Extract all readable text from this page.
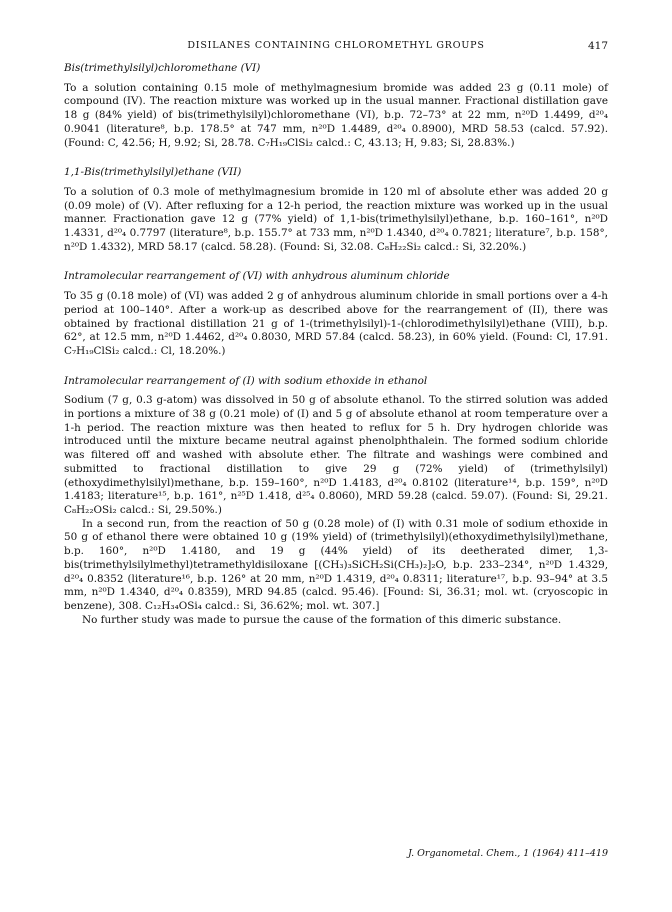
DISILANES CONTAINING CHLOROMETHYL GROUPS	417
Bis(trimethylsilyl)chloromethane (VI)

To a solution containing 0.15 mole of methylmagnesium bromide was added 23 g (0.11 mole) of compound (IV). The reaction mixture was worked up in the usual manner. Fractional distillation gave 18 g (84% yield) of bis(trimethylsilyl)chloromethane (VI), b.p. 72–73° at 22 mm, n²⁰D 1.4499, d²⁰₄ 0.9041 (literature⁸, b.p. 178.5° at 747 mm, n²⁰D 1.4489, d²⁰₄ 0.8900), MRD 58.53 (calcd. 57.92). (Found: C, 42.56; H, 9.92; Si, 28.78. C₇H₁₉ClSi₂ calcd.: C, 43.13; H, 9.83; Si, 28.83%.)

1,1-Bis(trimethylsilyl)ethane (VII)

To a solution of 0.3 mole of methylmagnesium bromide in 120 ml of absolute ether was added 20 g (0.09 mole) of (V). After refluxing for a 12-h period, the reaction mixture was worked up in the usual manner. Fractionation gave 12 g (77% yield) of 1,1-bis(trimethylsilyl)ethane, b.p. 160–161°, n²⁰D 1.4331, d²⁰₄ 0.7797 (literature⁸, b.p. 155.7° at 733 mm, n²⁰D 1.4340, d²⁰₄ 0.7821; literature⁷, b.p. 158°, n²⁰D 1.4332), MRD 58.17 (calcd. 58.28). (Found: Si, 32.08. C₈H₂₂Si₂ calcd.: Si, 32.20%.)

Intramolecular rearrangement of (VI) with anhydrous aluminum chloride

To 35 g (0.18 mole) of (VI) was added 2 g of anhydrous aluminum chloride in small portions over a 4-h period at 100–140°. After a work-up as described above for the rearrangement of (II), there was obtained by fractional distillation 21 g of 1-(trimethylsilyl)-1-(chlorodimethylsilyl)ethane (VIII), b.p. 62°, at 12.5 mm, n²⁰D 1.4462, d²⁰₄ 0.8030, MRD 57.84 (calcd. 58.23), in 60% yield. (Found: Cl, 17.91. C₇H₁₉ClSi₂ calcd.: Cl, 18.20%.)

Intramolecular rearrangement of (I) with sodium ethoxide in ethanol

Sodium (7 g, 0.3 g-atom) was dissolved in 50 g of absolute ethanol. To the stirred solution was added in portions a mixture of 38 g (0.21 mole) of (I) and 5 g of absolute ethanol at room temperature over a 1-h period. The reaction mixture was then heated to reflux for 5 h. Dry hydrogen chloride was introduced until the mixture became neutral against phenolphthalein. The formed sodium chloride was filtered off and washed with absolute ether. The filtrate and washings were combined and submitted to fractional distillation to give 29 g (72% yield) of (trimethylsilyl)(ethoxydimethylsilyl)methane, b.p. 159–160°, n²⁰D 1.4183, d²⁰₄ 0.8102 (literature¹⁴, b.p. 159°, n²⁰D 1.4183; literature¹⁵, b.p. 161°, n²⁵D 1.418, d²⁵₄ 0.8060), MRD 59.28 (calcd. 59.07). (Found: Si, 29.21. C₈H₂₂OSi₂ calcd.: Si, 29.50%.)

In a second run, from the reaction of 50 g (0.28 mole) of (I) with 0.31 mole of sodium ethoxide in 50 g of ethanol there were obtained 10 g (19% yield) of (trimethylsilyl)(ethoxydimethylsilyl)methane, b.p. 160°, n²⁰D 1.4180, and 19 g (44% yield) of its deetherated dimer, 1,3-bis(trimethylsilylmethyl)tetramethyldisiloxane [(CH₃)₃SiCH₂Si(CH₃)₂]₂O, b.p. 233–234°, n²⁰D 1.4329, d²⁰₄ 0.8352 (literature¹⁶, b.p. 126° at 20 mm, n²⁰D 1.4319, d²⁰₄ 0.8311; literature¹⁷, b.p. 93–94° at 3.5 mm, n²⁰D 1.4340, d²⁰₄ 0.8359), MRD 94.85 (calcd. 95.46). [Found: Si, 36.31; mol. wt. (cryoscopic in benzene), 308. C₁₂H₃₄OSi₄ calcd.: Si, 36.62%; mol. wt. 307.]

No further study was made to pursue the cause of the formation of this dimeric substance.

J. Organometal. Chem., 1 (1964) 411–419
